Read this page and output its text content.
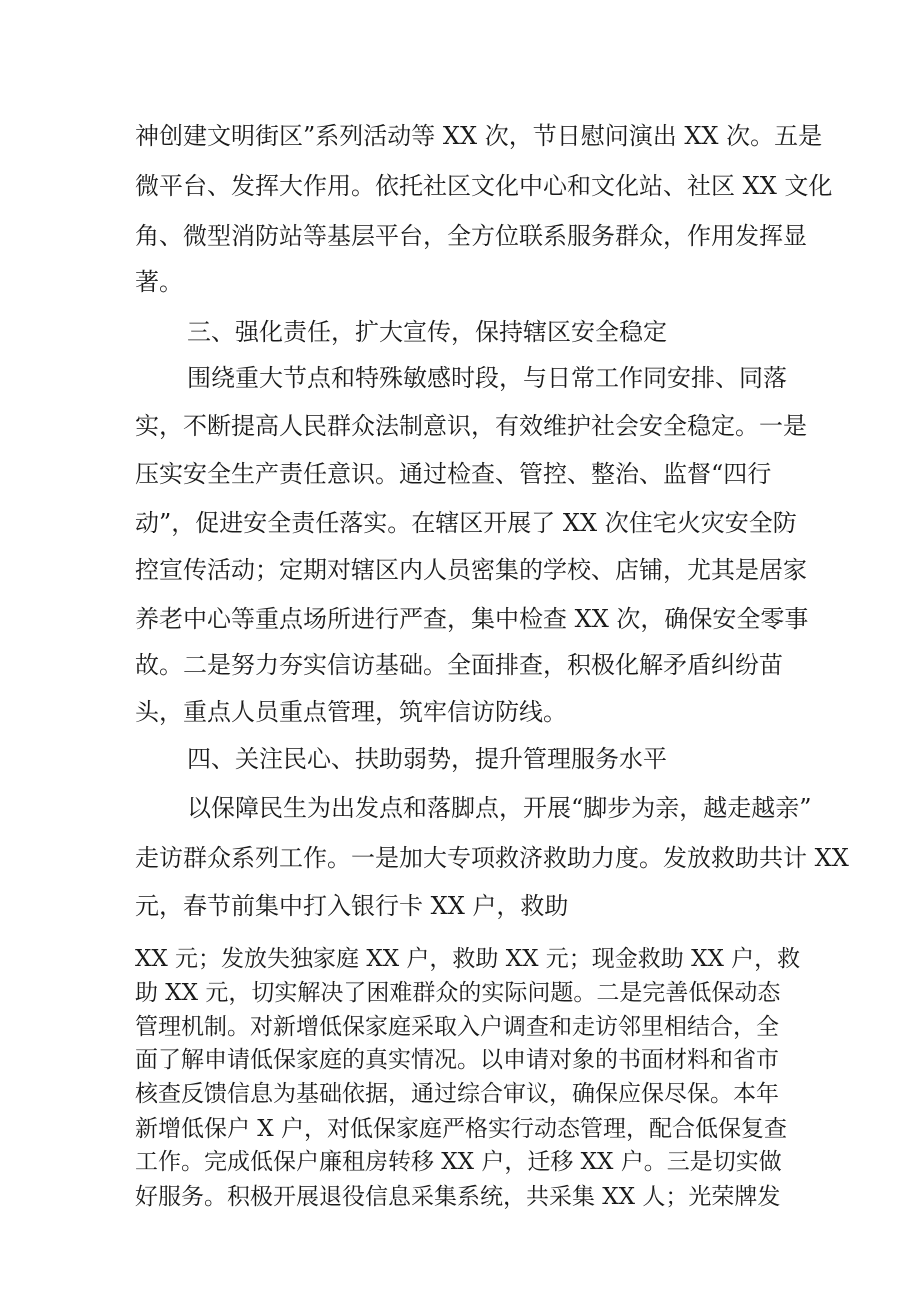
神创建文明街区”系列活动等 XX 次，节日慰问演出 XX 次。五是
微平台、发挥大作用。依托社区文化中心和文化站、社区 XX 文化
角、微型消防站等基层平台，全方位联系服务群众，作用发挥显
著。
三、强化责任，扩大宣传，保持辖区安全稳定
围绕重大节点和特殊敏感时段，与日常工作同安排、同落
实，不断提高人民群众法制意识，有效维护社会安全稳定。一是
压实安全生产责任意识。通过检查、管控、整治、监督“四行
动”，促进安全责任落实。在辖区开展了 XX 次住宅火灾安全防
控宣传活动；定期对辖区内人员密集的学校、店铺，尤其是居家
养老中心等重点场所进行严查，集中检查 XX 次，确保安全零事
故。二是努力夯实信访基础。全面排查，积极化解矛盾纠纷苗
头，重点人员重点管理，筑牢信访防线。
四、关注民心、扶助弱势，提升管理服务水平
以保障民生为出发点和落脚点，开展“脚步为亲，越走越亲”
走访群众系列工作。一是加大专项救济救助力度。发放救助共计 XX
元，春节前集中打入银行卡 XX 户，救助
XX 元；发放失独家庭 XX 户，救助 XX 元；现金救助 XX 户，救
助 XX 元，切实解决了困难群众的实际问题。二是完善低保动态
管理机制。对新增低保家庭采取入户调查和走访邻里相结合，全
面了解申请低保家庭的真实情况。以申请对象的书面材料和省市
核查反馈信息为基础依据，通过综合审议，确保应保尽保。本年
新增低保户 X 户，对低保家庭严格实行动态管理，配合低保复查
工作。完成低保户廉租房转移 XX 户，迁移 XX 户。三是切实做
好服务。积极开展退役信息采集系统，共采集 XX 人；光荣牌发
